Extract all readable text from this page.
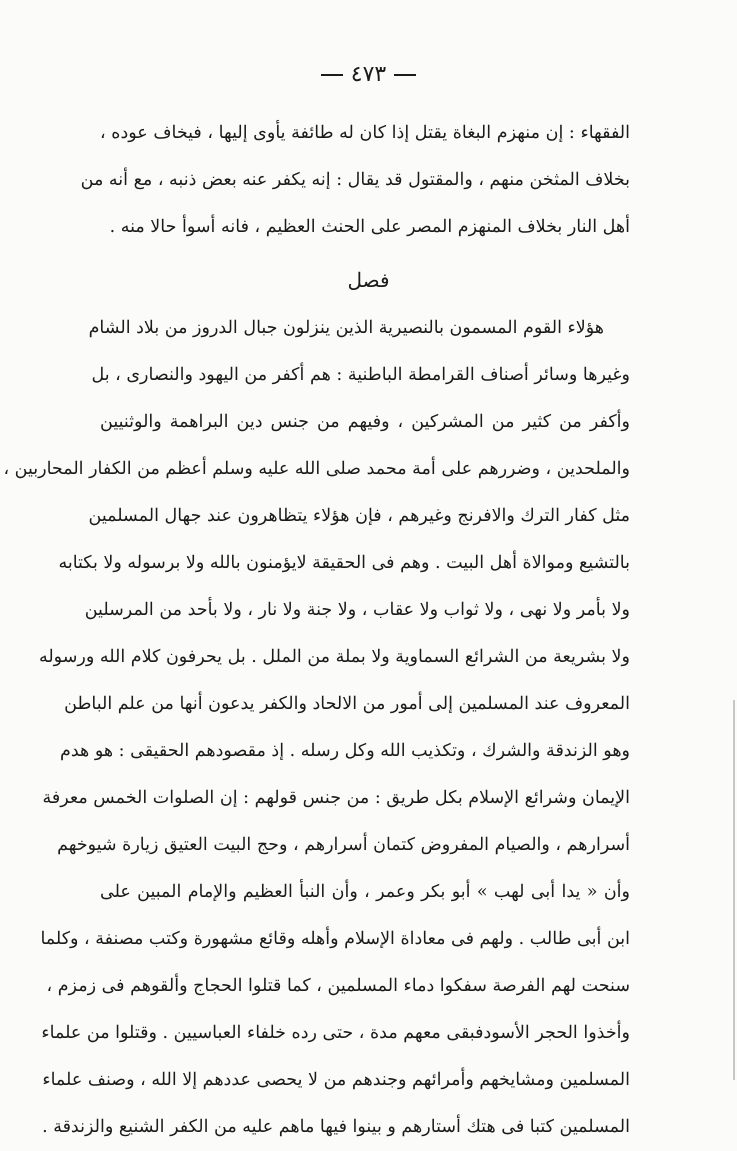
٤٧٣
الفقهاء : إن منهزم البغاة يقتل إذا كان له طائفة يأوى إليها ، فيخاف عوده ،
بخلاف المثخن منهم ، والمقتول قد يقال : إنه يكفر عنه بعض ذنبه ، مع أنه من
أهل النار بخلاف المنهزم المصر على الحنث العظيم ، فانه أسوأ حالا منه .
فصل
هؤلاء القوم المسمون بالنصيرية الذين ينزلون جبال الدروز من بلاد الشام
وغيرها وسائر أصناف القرامطة الباطنية : هم أكفر من اليهود والنصارى ، بل
وأكفر من كثير من المشركين ، وفيهم من جنس دين البراهمة والوثنيين
والملحدين ، وضررهم على أمة محمد صلى الله عليه وسلم أعظم من الكفار المحاربين ،
مثل كفار الترك والافرنج وغيرهم ، فإن هؤلاء يتظاهرون عند جهال المسلمين
بالتشيع وموالاة أهل البيت . وهم فى الحقيقة لايؤمنون بالله ولا برسوله ولا بكتابه
ولا بأمر ولا نهى ، ولا ثواب ولا عقاب ، ولا جنة ولا نار ، ولا بأحد من المرسلين
ولا بشريعة من الشرائع السماوية ولا بملة من الملل . بل يحرفون كلام الله ورسوله
المعروف عند المسلمين إلى أمور من الالحاد والكفر يدعون أنها من علم الباطن
وهو الزندقة والشرك ، وتكذيب الله وكل رسله . إذ مقصودهم الحقيقى : هو هدم
الإيمان وشرائع الإسلام بكل طريق : من جنس قولهم : إن الصلوات الخمس معرفة
أسرارهم ، والصيام المفروض كتمان أسرارهم ، وحج البيت العتيق زيارة شيوخهم
وأن « يدا أبى لهب » أبو بكر وعمر ، وأن النبأ العظيم والإمام المبين على
ابن أبى طالب . ولهم فى معاداة الإسلام وأهله وقائع مشهورة وكتب مصنفة ، وكلما
سنحت لهم الفرصة سفكوا دماء المسلمين ، كما قتلوا الحجاج وألقوهم فى زمزم ،
وأخذوا الحجر الأسودفبقى معهم مدة ، حتى رده خلفاء العباسيين . وقتلوا من علماء
المسلمين ومشايخهم وأمرائهم وجندهم من لا يحصى عددهم إلا الله ، وصنف علماء
المسلمين كتبا فى هتك أستارهم و بينوا فيها ماهم عليه من الكفر الشنيع والزندقة .
